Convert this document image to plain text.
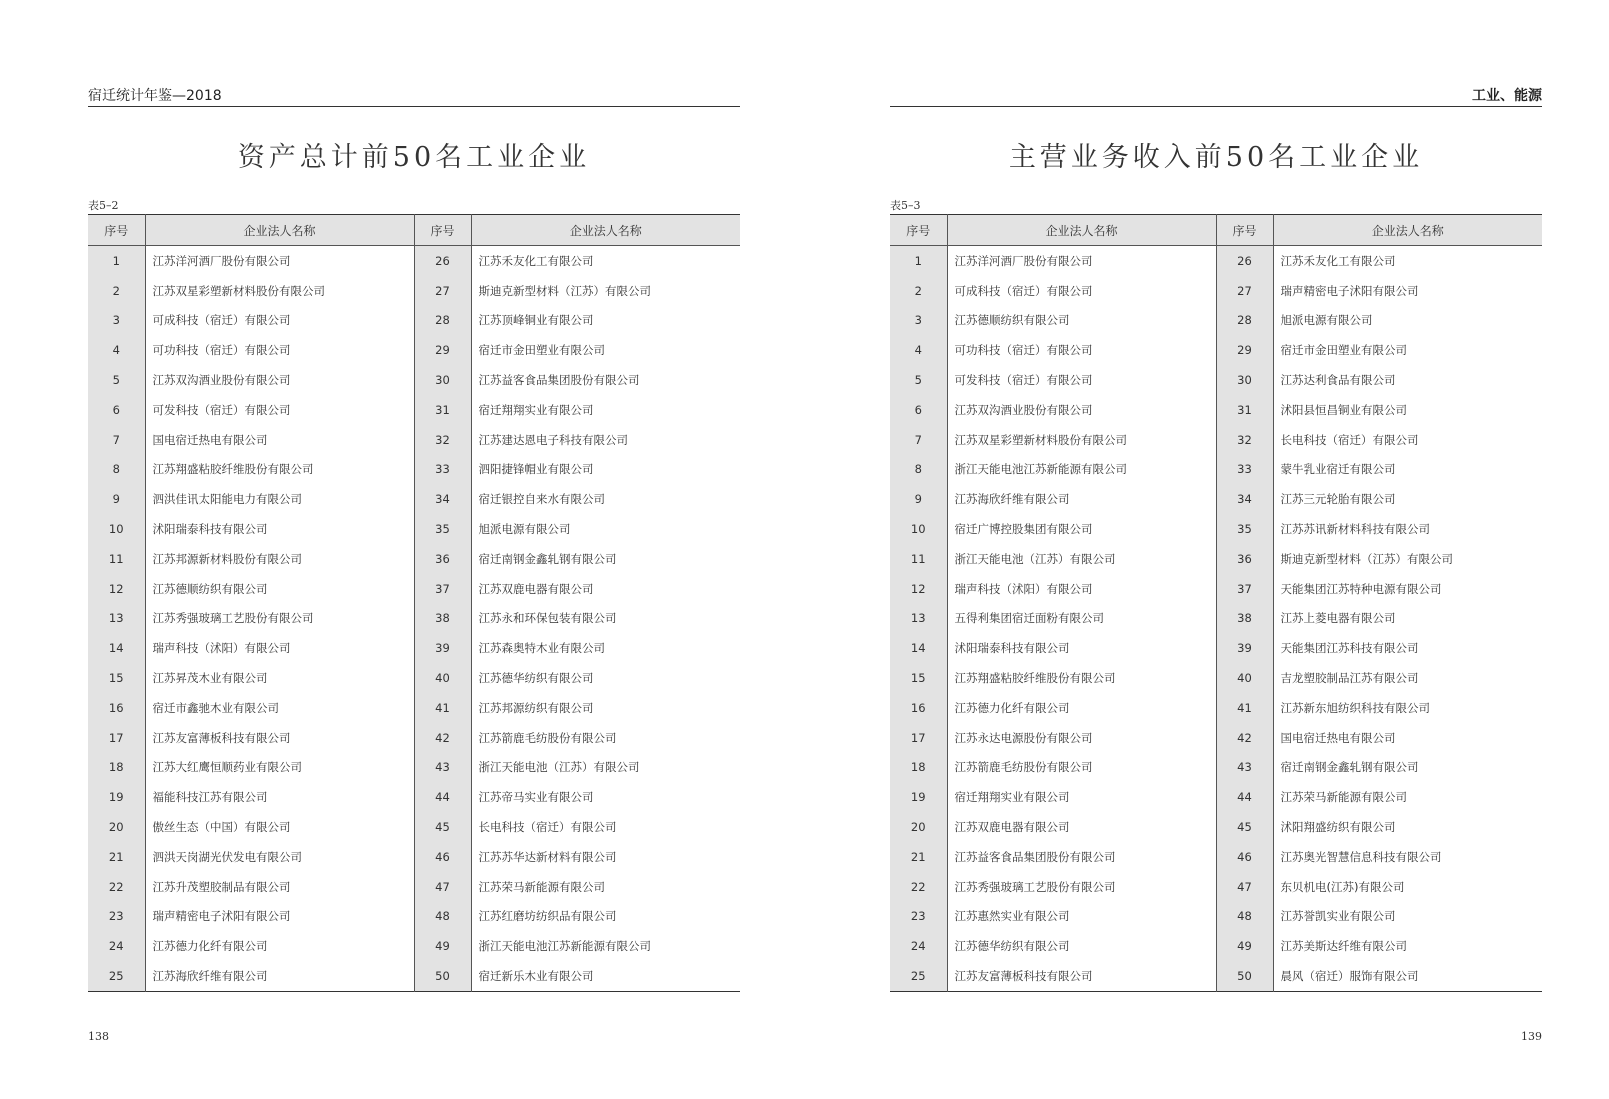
宿迁统计年鉴—2018
资产总计前50名工业企业
表5–2
序号	企业法人名称	序号	企业法人名称
1	江苏洋河酒厂股份有限公司	26	江苏禾友化工有限公司
2	江苏双星彩塑新材料股份有限公司	27	斯迪克新型材料（江苏）有限公司
3	可成科技（宿迁）有限公司	28	江苏顶峰铜业有限公司
4	可功科技（宿迁）有限公司	29	宿迁市金田塑业有限公司
5	江苏双沟酒业股份有限公司	30	江苏益客食品集团股份有限公司
6	可发科技（宿迁）有限公司	31	宿迁翔翔实业有限公司
7	国电宿迁热电有限公司	32	江苏建达恩电子科技有限公司
8	江苏翔盛粘胶纤维股份有限公司	33	泗阳捷锋帽业有限公司
9	泗洪佳讯太阳能电力有限公司	34	宿迁银控自来水有限公司
10	沭阳瑞泰科技有限公司	35	旭派电源有限公司
11	江苏邦源新材料股份有限公司	36	宿迁南钢金鑫轧钢有限公司
12	江苏德顺纺织有限公司	37	江苏双鹿电器有限公司
13	江苏秀强玻璃工艺股份有限公司	38	江苏永和环保包装有限公司
14	瑞声科技（沭阳）有限公司	39	江苏森奥特木业有限公司
15	江苏昇茂木业有限公司	40	江苏德华纺织有限公司
16	宿迁市鑫驰木业有限公司	41	江苏邦源纺织有限公司
17	江苏友富薄板科技有限公司	42	江苏箭鹿毛纺股份有限公司
18	江苏大红鹰恒顺药业有限公司	43	浙江天能电池（江苏）有限公司
19	福能科技江苏有限公司	44	江苏帝马实业有限公司
20	傲丝生态（中国）有限公司	45	长电科技（宿迁）有限公司
21	泗洪天岗湖光伏发电有限公司	46	江苏苏华达新材料有限公司
22	江苏升茂塑胶制品有限公司	47	江苏荣马新能源有限公司
23	瑞声精密电子沭阳有限公司	48	江苏红磨坊纺织品有限公司
24	江苏德力化纤有限公司	49	浙江天能电池江苏新能源有限公司
25	江苏海欣纤维有限公司	50	宿迁新乐木业有限公司
138
工业、能源
主营业务收入前50名工业企业
表5–3
序号	企业法人名称	序号	企业法人名称
1	江苏洋河酒厂股份有限公司	26	江苏禾友化工有限公司
2	可成科技（宿迁）有限公司	27	瑞声精密电子沭阳有限公司
3	江苏德顺纺织有限公司	28	旭派电源有限公司
4	可功科技（宿迁）有限公司	29	宿迁市金田塑业有限公司
5	可发科技（宿迁）有限公司	30	江苏达利食品有限公司
6	江苏双沟酒业股份有限公司	31	沭阳县恒昌铜业有限公司
7	江苏双星彩塑新材料股份有限公司	32	长电科技（宿迁）有限公司
8	浙江天能电池江苏新能源有限公司	33	蒙牛乳业宿迁有限公司
9	江苏海欣纤维有限公司	34	江苏三元轮胎有限公司
10	宿迁广博控股集团有限公司	35	江苏苏讯新材料科技有限公司
11	浙江天能电池（江苏）有限公司	36	斯迪克新型材料（江苏）有限公司
12	瑞声科技（沭阳）有限公司	37	天能集团江苏特种电源有限公司
13	五得利集团宿迁面粉有限公司	38	江苏上菱电器有限公司
14	沭阳瑞泰科技有限公司	39	天能集团江苏科技有限公司
15	江苏翔盛粘胶纤维股份有限公司	40	吉龙塑胶制品江苏有限公司
16	江苏德力化纤有限公司	41	江苏新东旭纺织科技有限公司
17	江苏永达电源股份有限公司	42	国电宿迁热电有限公司
18	江苏箭鹿毛纺股份有限公司	43	宿迁南钢金鑫轧钢有限公司
19	宿迁翔翔实业有限公司	44	江苏荣马新能源有限公司
20	江苏双鹿电器有限公司	45	沭阳翔盛纺织有限公司
21	江苏益客食品集团股份有限公司	46	江苏奥光智慧信息科技有限公司
22	江苏秀强玻璃工艺股份有限公司	47	东贝机电(江苏)有限公司
23	江苏惠然实业有限公司	48	江苏誉凯实业有限公司
24	江苏德华纺织有限公司	49	江苏美斯达纤维有限公司
25	江苏友富薄板科技有限公司	50	晨风（宿迁）服饰有限公司
139
